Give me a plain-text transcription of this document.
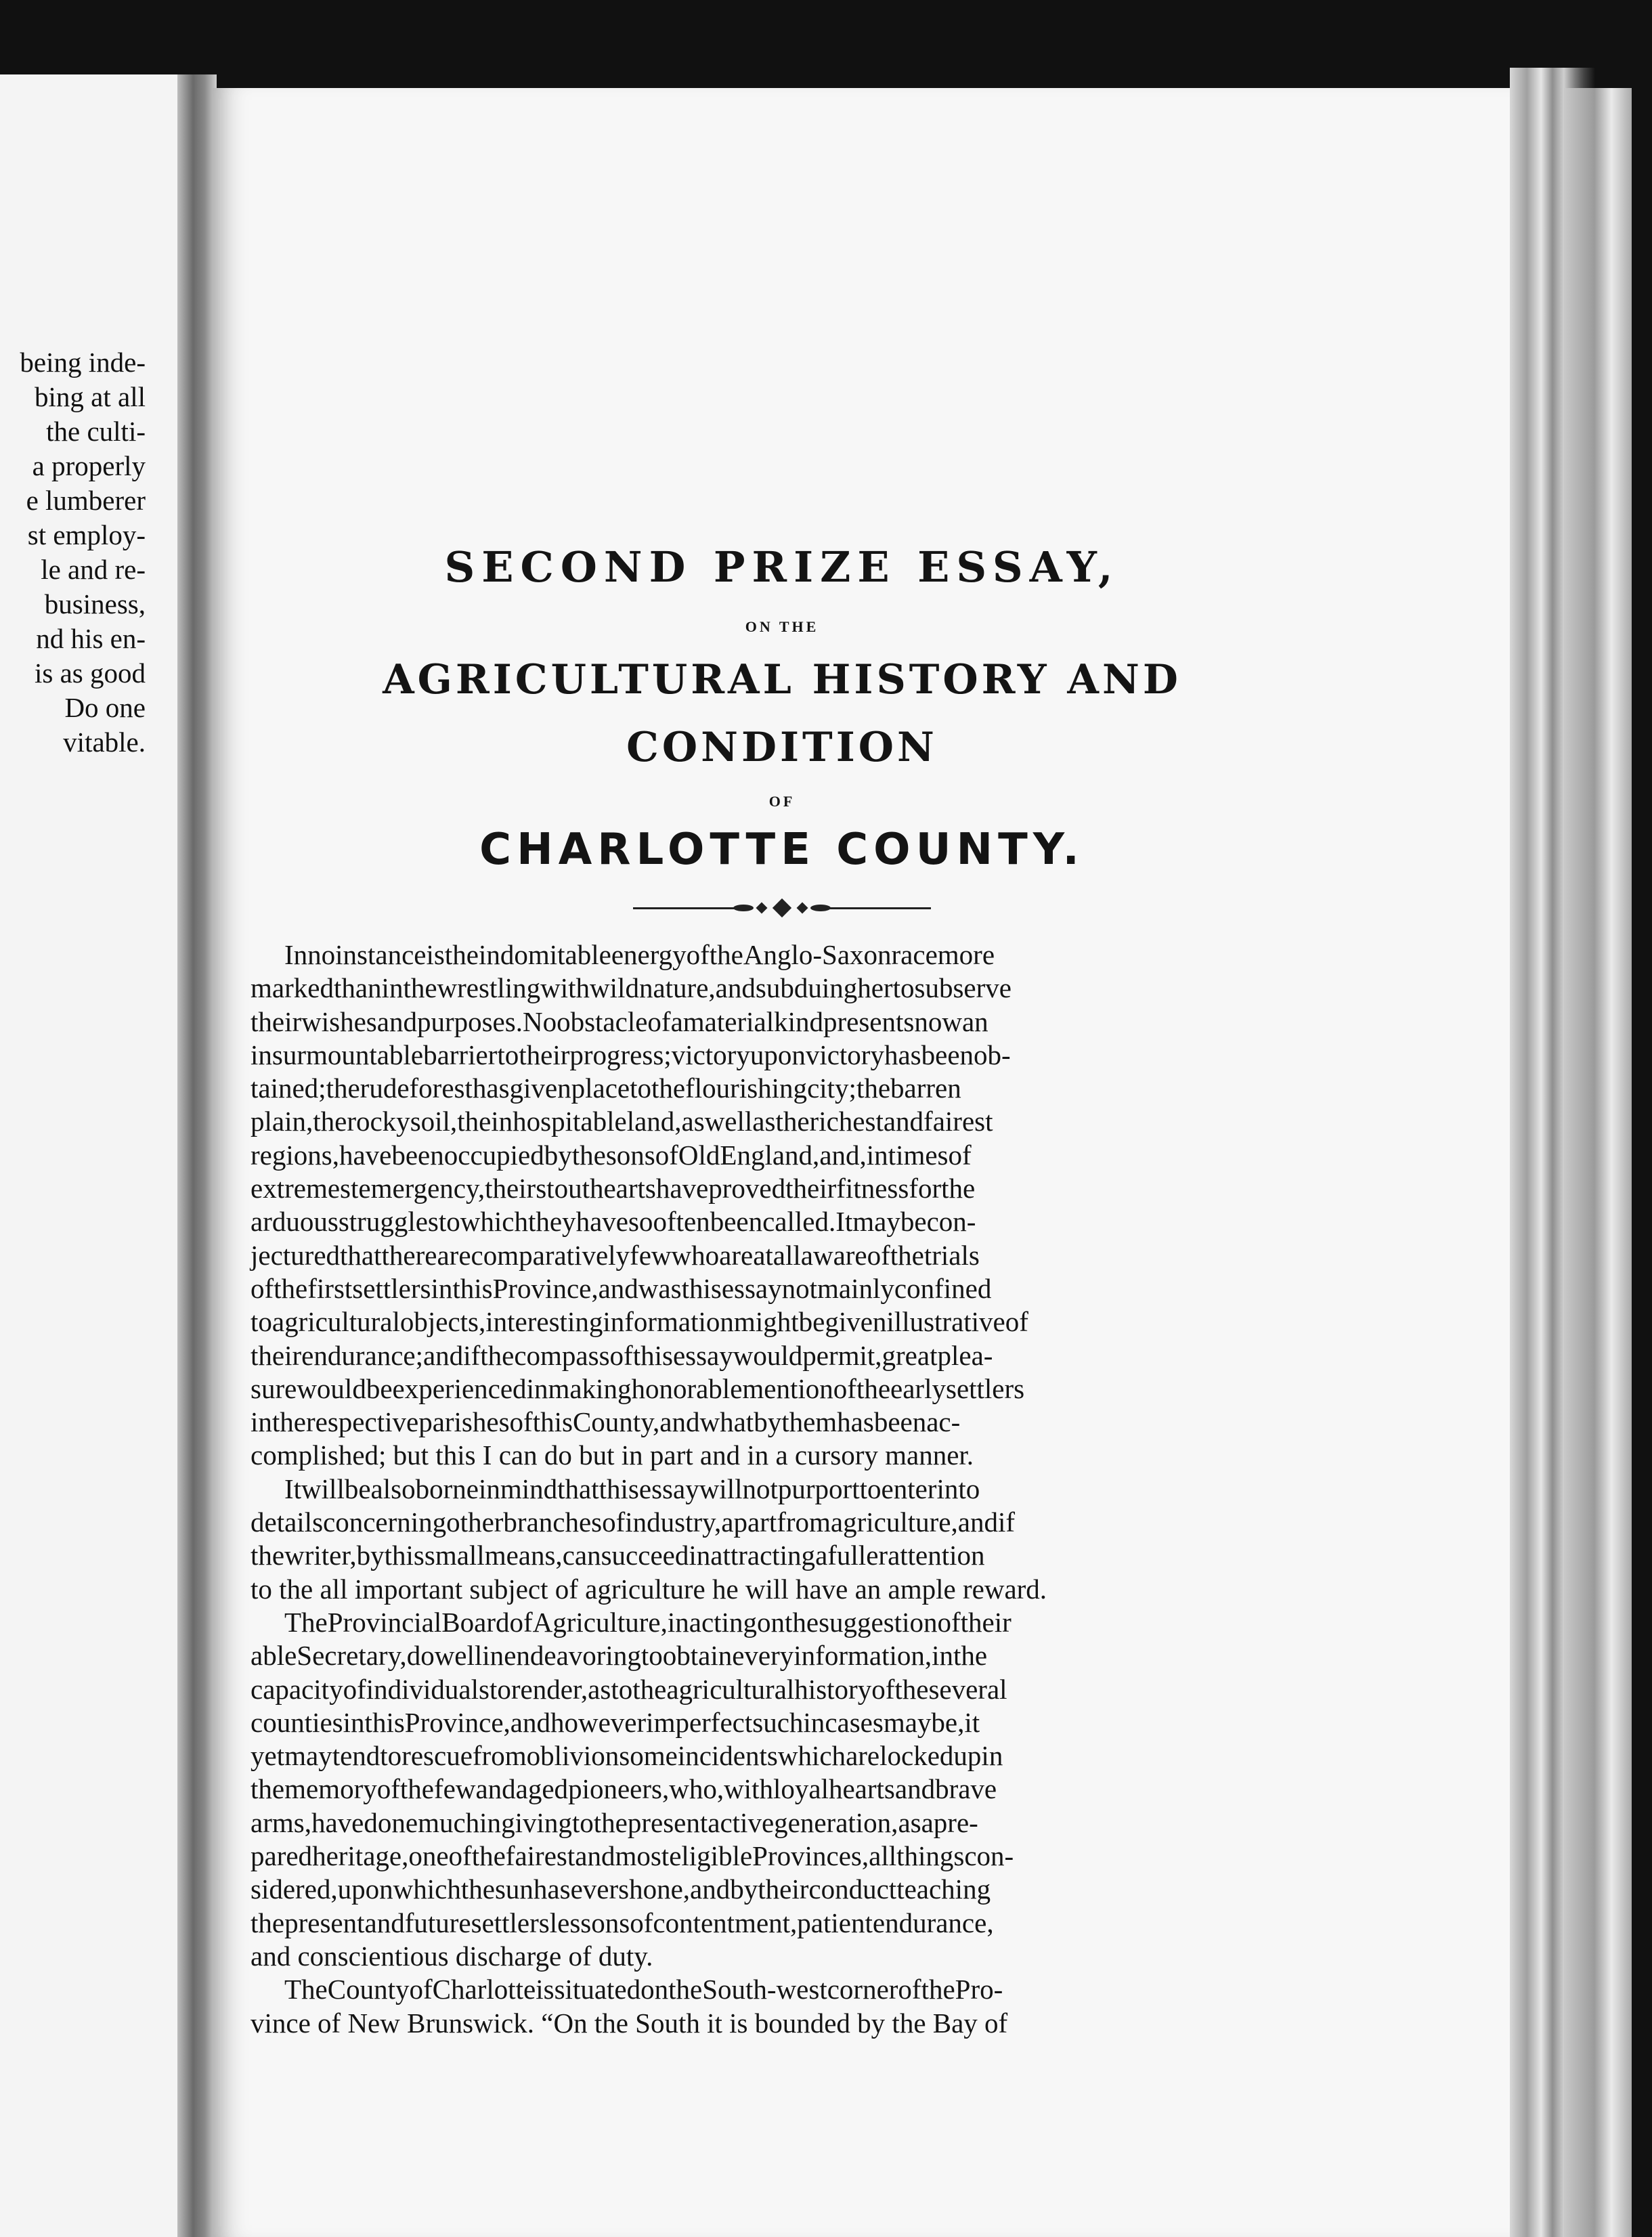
being inde-
bing at all
the culti-
a properly
e lumberer
st employ-
le and re-
business,
nd his en-
is as good
Do one
vitable.
SECOND PRIZE ESSAY,
ON THE
AGRICULTURAL HISTORY AND CONDITION
OF
CHARLOTTE COUNTY.
InnoinstanceistheindomitableenergyoftheAnglo-Saxonracemore
markedthaninthewrestlingwithwildnature,andsubduinghertosubserve
theirwishesandpurposes.Noobstacleofamaterialkindpresentsnowan
insurmountablebarriertotheirprogress;victoryuponvictoryhasbeenob-
tained;therudeforesthasgivenplacetotheflourishingcity;thebarren
plain,therockysoil,theinhospitableland,aswellastherichestandfairest
regions,havebeenoccupiedbythesonsofOldEngland,and,intimesof
extremestemergency,theirstoutheartshaveprovedtheirfitnessforthe
arduousstrugglestowhichtheyhavesooftenbeencalled.Itmaybecon-
jecturedthattherearecomparativelyfewwhoareatallawareofthetrials
ofthefirstsettlersinthisProvince,andwasthisessaynotmainlyconfined
toagriculturalobjects,interestinginformationmightbegivenillustrativeof
theirendurance;andifthecompassofthisessaywouldpermit,greatplea-
surewouldbeexperiencedinmakinghonorablementionoftheearlysettlers
intherespectiveparishesofthisCounty,andwhatbythemhasbeenac-
complished; but this I can do but in part and in a cursory manner.
Itwillbealsoborneinmindthatthisessaywillnotpurporttoenterinto
detailsconcerningotherbranchesofindustry,apartfromagriculture,andif
thewriter,bythissmallmeans,cansucceedinattractingafullerattention
to the all important subject of agriculture he will have an ample reward.
TheProvincialBoardofAgriculture,inactingonthesuggestionoftheir
ableSecretary,dowellinendeavoringtoobtaineveryinformation,inthe
capacityofindividualstorender,astotheagriculturalhistoryoftheseveral
countiesinthisProvince,andhoweverimperfectsuchincasesmaybe,it
yetmaytendtorescuefromoblivionsomeincidentswhicharelockedupin
thememoryofthefewandagedpioneers,who,withloyalheartsandbrave
arms,havedonemuchingivingtothepresentactivegeneration,asapre-
paredheritage,oneofthefairestandmosteligibleProvinces,allthingscon-
sidered,uponwhichthesunhasevershone,andbytheirconductteaching
thepresentandfuturesettlerslessonsofcontentment,patientendurance,
and conscientious discharge of duty.
TheCountyofCharlotteissituatedontheSouth-westcornerofthePro-
vince of New Brunswick. “On the South it is bounded by the Bay of
